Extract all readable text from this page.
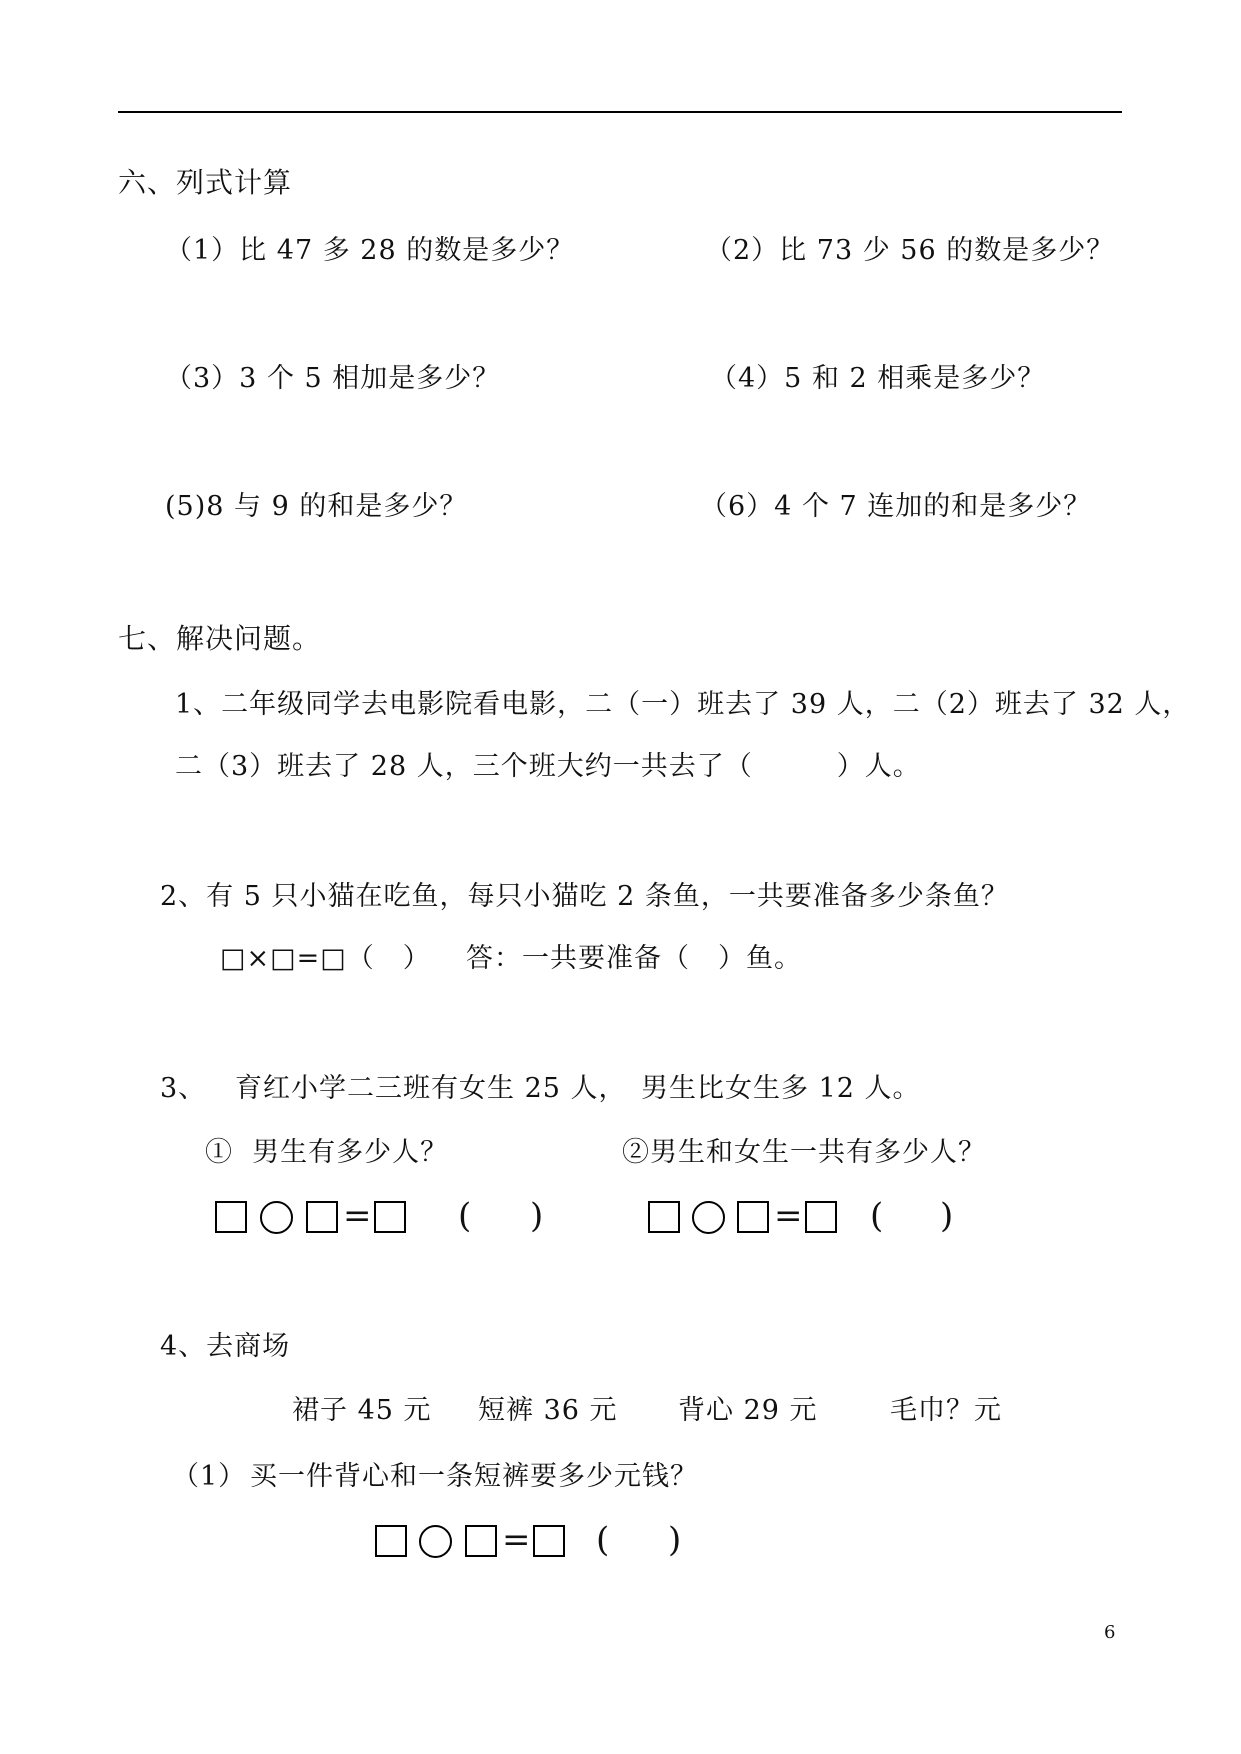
六、列式计算
（1）比 47 多 28 的数是多少？	（2）比 73 少 56 的数是多少？
（3）3 个 5 相加是多少？	（4）5 和 2 相乘是多少？
(5)8 与 9 的和是多少？	（6）4 个 7 连加的和是多少？
七、解决问题。
1、二年级同学去电影院看电影，二（一）班去了 39 人，二（2）班去了 32 人，
二（3）班去了 28 人，三个班大约一共去了（　　　）人。
2、有 5 只小猫在吃鱼，每只小猫吃 2 条鱼，一共要准备多少条鱼？
□×□=□（　） 答：一共要准备（　）鱼。
3、 育红小学二三班有女生 25 人，　男生比女生多 12 人。
①  男生有多少人？	②男生和女生一共有多少人？
=	( )	= ( )
4、去商场
裙子 45 元 短裤 36 元 背心 29 元	毛巾？元
（1） 买一件背心和一条短裤要多少元钱？
= ( )
6
